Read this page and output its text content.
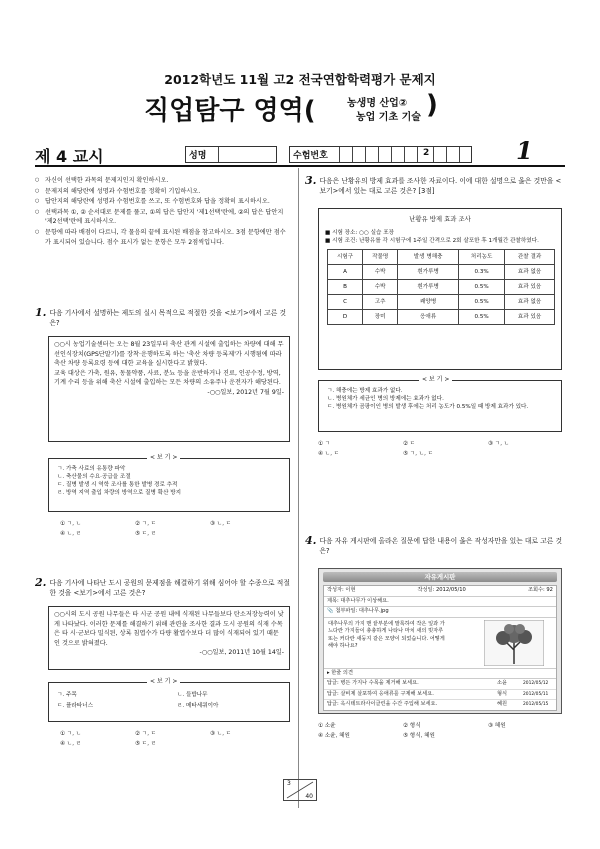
2012학년도 11월 고2 전국연합학력평가 문제지
직업탐구 영역(	농생명 산업②
농업 기초 기술 )
제 4 교시	성명	수험번호	2	1
○ 자신이 선택한 과목의 문제지인지 확인하시오.
○ 문제지의 해당란에 성명과 수험번호를 정확히 기입하시오.
○ 답안지의 해당란에 성명과 수험번호를 쓰고, 또 수험번호와 답을 정확히 표시하시오.
○ 선택과목 ①, ② 순서대로 문제를 풀고, ①의 답은 답안지 '제1선택'란에, ②의 답은 답안지 '제2선택'란에 표시하시오.
○ 문항에 따라 배점이 다르니, 각 물음의 끝에 표시된 배점을 참고하시오. 3점 문항에만 점수가 표시되어 있습니다. 점수 표시가 없는 문항은 모두 2점씩입니다.
1. 다음 기사에서 설명하는 제도의 실시 목적으로 적절한 것을 <보기>에서 고른 것은?
○○시 농업기술센터는 오는 8월 23일부터 축산 관계 시설에 출입하는 차량에 대해 무선인식장치(GPS단말기)를 장착·운행하도록 하는 '축산 차량 등록제'가 시행됨에 따라 축산 차량 등록요령 등에 대한 교육을 실시한다고 밝혔다.
교육 대상은 가축, 원유, 동물약품, 사료, 분뇨 등을 운반하거나 진료, 인공수정, 방역, 기계 수리 등을 위해 축산 시설에 출입하는 모든 차량의 소유주나 운전자가 해당된다.
-○○일보, 2012년 7월 9일-
< 보 기 >
ㄱ. 가축 사료의 유통량 파악
ㄴ. 축산물의 수요·공급을 조절
ㄷ. 질병 발생 시 역학 조사를 통한 발병 경로 추적
ㄹ. 방역 지역 출입 차량의 방역으로 질병 확산 방지
① ㄱ, ㄴ	② ㄱ, ㄷ	③ ㄴ, ㄷ
④ ㄴ, ㄹ	⑤ ㄷ, ㄹ
2. 다음 기사에 나타난 도시 공원의 문제점을 해결하기 위해 심어야 할 수종으로 적절한 것을 <보기>에서 고른 것은?
○○시의 도시 공원 나무들은 타 시군 공원 내에 식재된 나무들보다 탄소저장능력이 낮게 나타났다. 이러한 문제를 해결하기 위해 관련을 조사한 결과 도시 공원의 식재 수목은 타 시·군보다 밀식된, 상록 침엽수가 다량 활엽수보다 더 많이 식재되어 있기 때문인 것으로 밝혀졌다.
-○○일보, 2011년 10월 14일-
< 보 기 >
ㄱ. 주목	ㄴ. 들밥나무
ㄷ. 플라타너스	ㄹ. 메타세쿼이아
① ㄱ, ㄴ	② ㄱ, ㄷ	③ ㄴ, ㄷ
④ ㄴ, ㄹ	⑤ ㄷ, ㄹ
3. 다음은 난황유의 방제 효과를 조사한 자료이다. 이에 대한 설명으로 옳은 것만을 <보기>에서 있는 대로 고른 것은? [3점]
난황유 방제 효과 조사
■ 시험 장소: ○○ 실습 포장
■ 시험 조건: 난황유를 각 시험구에 1주일 간격으로 2회 살포한 후 1개월간 관찰하였다.
시험구	작물명	발생 병해충	처리농도	관찰 결과
A	수박	흰가루병	0.3%	효과 없음
B	수박	흰가루병	0.5%	효과 있음
C	고추	쾌양병	0.5%	효과 없음
D	장미	응애류	0.5%	효과 있음
< 보 기 >
ㄱ. 해충에는 방제 효과가 없다.
ㄴ. 병원체가 세균인 병의 방제에는 효과가 없다.
ㄷ. 병원체가 곰팡이인 병의 발생 후에는 처리 농도가 0.5%일 때 방제 효과가 있다.
① ㄱ	② ㄷ	③ ㄱ, ㄴ
④ ㄴ, ㄷ	⑤ ㄱ, ㄴ, ㄷ
4. 다음 자유 게시판에 올라온 질문에 답한 내용이 옳은 작성자만을 있는 대로 고른 것은?
자유게시판
작성자: 이현	작성일: 2012/05/10	조회수: 92
제목: 대추나무가 이상해요.
📎 첨부파일: 대추나무.jpg
대추나무의 가지 맨 끝부분에 말록하여 작은 잎과 가느다란 가지들이 총총하게 나타나 마치 새의 빗자루 또는 커다란 새둥지 같은 모양이 되었습니다. 어떻게 해야 하나요?
▸ 한줄 의견
답글: 병든 가지나 수목을 제거해 보세요.	소윤	2012/05/12
답글: 살비제 살포하여 응애류를 구제해 보세요.	형식	2012/05/11
답글: 옥시테트라사이클린을 수간 주입해 보세요.	혜원	2012/05/15
① 소윤	② 형식	③ 혜원
④ 소윤, 혜원	⑤ 형식, 혜원
3
40
